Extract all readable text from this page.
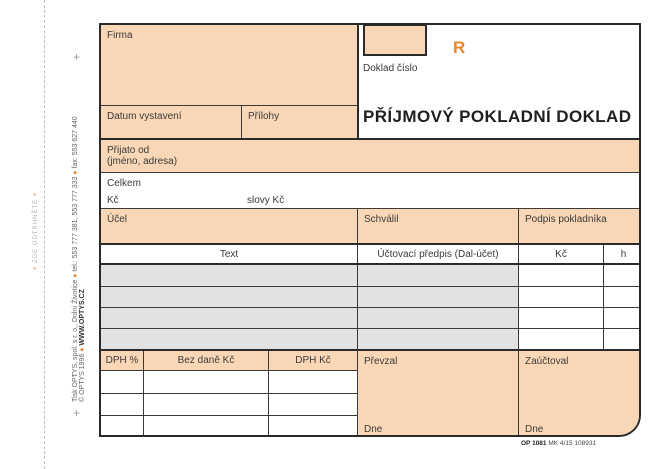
+ ZDE ODTRHNĚTE +
Tisk OPTYS, spol. s r. o., Dolní Životice ● tel.: 553 777 381, 553 777 333 ● fax: 553 627 440
© OPTYS 1996 ● WWW.OPTYS.CZ
+
+
R
Doklad číslo
PŘÍJMOVÝ POKLADNÍ DOKLAD
Firma
Datum vystavení	Přílohy
Přijato od
(jméno, adresa)
Celkem
Kč	slovy Kč
Účel	Schválil	Podpis pokladníka
Text	Účtovací předpis (Dal-účet)	Kč	h
DPH %	Bez daně Kč	DPH Kč	Převzal
Dne
Zaúčtoval
Dne
OP 1081 MK 4/15 108931
